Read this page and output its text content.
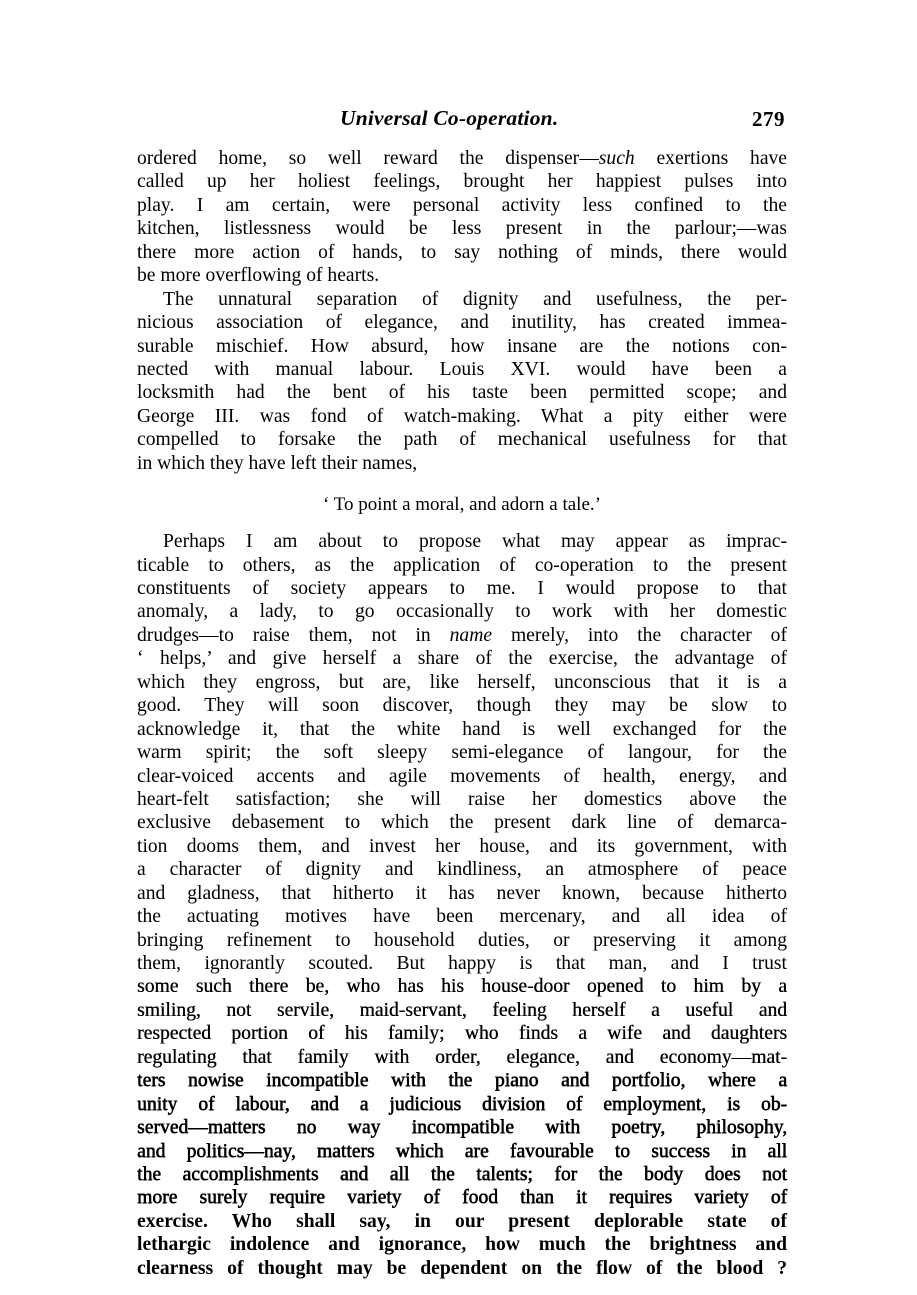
Universal Co-operation.	279
ordered home, so well reward the dispenser—such exertions have
called up her holiest feelings, brought her happiest pulses into
play. I am certain, were personal activity less confined to the
kitchen, listlessness would be less present in the parlour;—was
there more action of hands, to say nothing of minds, there would
be more overflowing of hearts.
The unnatural separation of dignity and usefulness, the per-
nicious association of elegance, and inutility, has created immea-
surable mischief. How absurd, how insane are the notions con-
nected with manual labour. Louis XVI. would have been a
locksmith had the bent of his taste been permitted scope; and
George III. was fond of watch-making. What a pity either were
compelled to forsake the path of mechanical usefulness for that
in which they have left their names,
‘ To point a moral, and adorn a tale.’
Perhaps I am about to propose what may appear as imprac-
ticable to others, as the application of co-operation to the present
constituents of society appears to me. I would propose to that
anomaly, a lady, to go occasionally to work with her domestic
drudges—to raise them, not in name merely, into the character of
‘ helps,’ and give herself a share of the exercise, the advantage of
which they engross, but are, like herself, unconscious that it is a
good. They will soon discover, though they may be slow to
acknowledge it, that the white hand is well exchanged for the
warm spirit; the soft sleepy semi-elegance of langour, for the
clear-voiced accents and agile movements of health, energy, and
heart-felt satisfaction; she will raise her domestics above the
exclusive debasement to which the present dark line of demarca-
tion dooms them, and invest her house, and its government, with
a character of dignity and kindliness, an atmosphere of peace
and gladness, that hitherto it has never known, because hitherto
the actuating motives have been mercenary, and all idea of
bringing refinement to household duties, or preserving it among
them, ignorantly scouted. But happy is that man, and I trust
some such there be, who has his house-door opened to him by a
smiling, not servile, maid-servant, feeling herself a useful and
respected portion of his family; who finds a wife and daughters
regulating that family with order, elegance, and economy—mat-
ters nowise incompatible with the piano and portfolio, where a
unity of labour, and a judicious division of employment, is ob-
served—matters no way incompatible with poetry, philosophy,
and politics—nay, matters which are favourable to success in all
the accomplishments and all the talents; for the body does not
more surely require variety of food than it requires variety of
exercise. Who shall say, in our present deplorable state of
lethargic indolence and ignorance, how much the brightness and
clearness of thought may be dependent on the flow of the blood ?
